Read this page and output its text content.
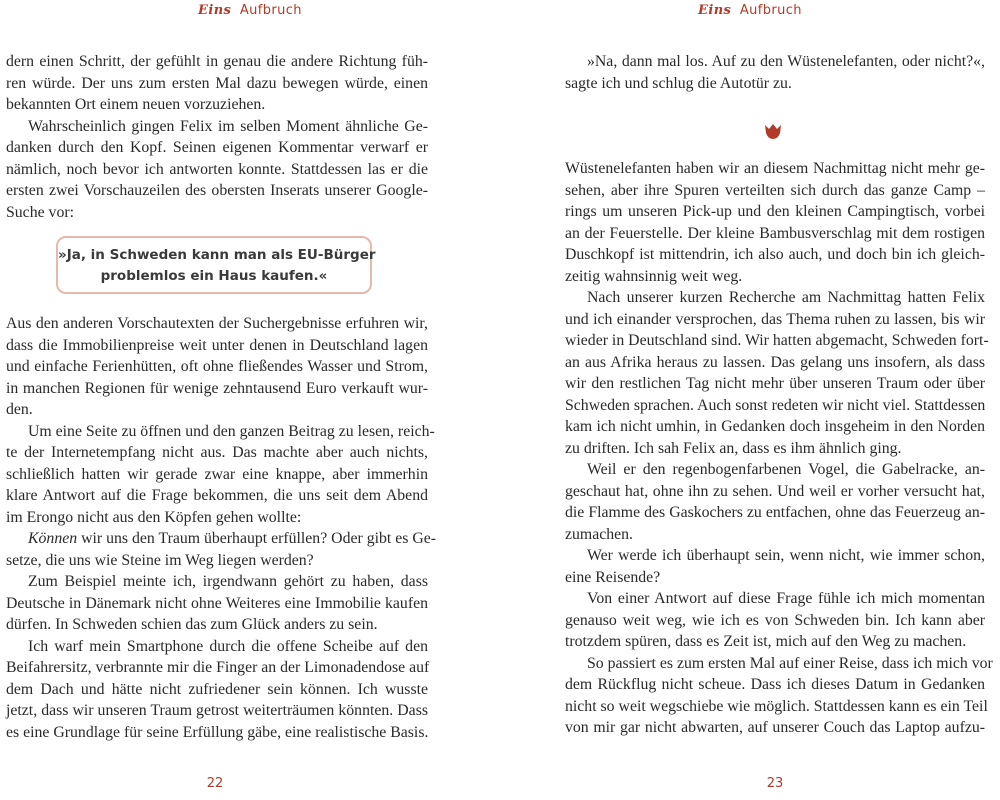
Eins Aufbruch
dern einen Schritt, der gefühlt in genau die andere Richtung füh-
ren würde. Der uns zum ersten Mal dazu bewegen würde, einen
bekannten Ort einem neuen vorzuziehen.
Wahrscheinlich gingen Felix im selben Moment ähnliche Ge-
danken durch den Kopf. Seinen eigenen Kommentar verwarf er
nämlich, noch bevor ich antworten konnte. Stattdessen las er die
ersten zwei Vorschauzeilen des obersten Inserats unserer Google-
Suche vor:
»Ja, in Schweden kann man als EU-Bürger
problemlos ein Haus kaufen.«
Aus den anderen Vorschautexten der Suchergebnisse erfuhren wir,
dass die Immobilienpreise weit unter denen in Deutschland lagen
und einfache Ferienhütten, oft ohne fließendes Wasser und Strom,
in manchen Regionen für wenige zehntausend Euro verkauft wur-
den.
Um eine Seite zu öffnen und den ganzen Beitrag zu lesen, reich-
te der Internetempfang nicht aus. Das machte aber auch nichts,
schließlich hatten wir gerade zwar eine knappe, aber immerhin
klare Antwort auf die Frage bekommen, die uns seit dem Abend
im Erongo nicht aus den Köpfen gehen wollte:
Können wir uns den Traum überhaupt erfüllen? Oder gibt es Ge-
setze, die uns wie Steine im Weg liegen werden?
Zum Beispiel meinte ich, irgendwann gehört zu haben, dass
Deutsche in Dänemark nicht ohne Weiteres eine Immobilie kaufen
dürfen. In Schweden schien das zum Glück anders zu sein.
Ich warf mein Smartphone durch die offene Scheibe auf den
Beifahrersitz, verbrannte mir die Finger an der Limonadendose auf
dem Dach und hätte nicht zufriedener sein können. Ich wusste
jetzt, dass wir unseren Traum getrost weiterträumen könnten. Dass
es eine Grundlage für seine Erfüllung gäbe, eine realistische Basis.
22
Eins Aufbruch
»Na, dann mal los. Auf zu den Wüstenelefanten, oder nicht?«,
sagte ich und schlug die Autotür zu.
Wüstenelefanten haben wir an diesem Nachmittag nicht mehr ge-
sehen, aber ihre Spuren verteilten sich durch das ganze Camp –
rings um unseren Pick-up und den kleinen Campingtisch, vorbei
an der Feuerstelle. Der kleine Bambusverschlag mit dem rostigen
Duschkopf ist mittendrin, ich also auch, und doch bin ich gleich-
zeitig wahnsinnig weit weg.
Nach unserer kurzen Recherche am Nachmittag hatten Felix
und ich einander versprochen, das Thema ruhen zu lassen, bis wir
wieder in Deutschland sind. Wir hatten abgemacht, Schweden fort-
an aus Afrika heraus zu lassen. Das gelang uns insofern, als dass
wir den restlichen Tag nicht mehr über unseren Traum oder über
Schweden sprachen. Auch sonst redeten wir nicht viel. Stattdessen
kam ich nicht umhin, in Gedanken doch insgeheim in den Norden
zu driften. Ich sah Felix an, dass es ihm ähnlich ging.
Weil er den regenbogenfarbenen Vogel, die Gabelracke, an-
geschaut hat, ohne ihn zu sehen. Und weil er vorher versucht hat,
die Flamme des Gaskochers zu entfachen, ohne das Feuerzeug an-
zumachen.
Wer werde ich überhaupt sein, wenn nicht, wie immer schon,
eine Reisende?
Von einer Antwort auf diese Frage fühle ich mich momentan
genauso weit weg, wie ich es von Schweden bin. Ich kann aber
trotzdem spüren, dass es Zeit ist, mich auf den Weg zu machen.
So passiert es zum ersten Mal auf einer Reise, dass ich mich vor
dem Rückflug nicht scheue. Dass ich dieses Datum in Gedanken
nicht so weit wegschiebe wie möglich. Stattdessen kann es ein Teil
von mir gar nicht abwarten, auf unserer Couch das Laptop aufzu-
23
